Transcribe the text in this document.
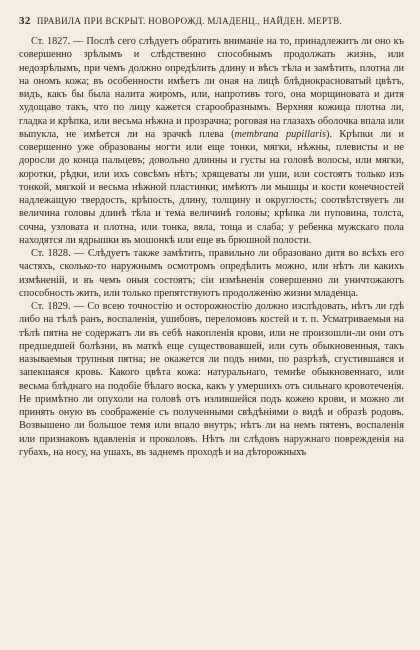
32 ПРАВИЛА ПРИ ВСКРЫТ. НОВОРОЖД. МЛАДЕНЦ., НАЙДЕН. МЕРТВ.

Ст. 1827. — Послѣ сего слѣдуетъ обратить вниманіе на то, принадлежитъ ли оно къ совершенно зрѣлымъ и слѣдственно способнымъ продолжать жизнь, или недозрѣлымъ, при чемъ должно опредѣлить длину и вѣсъ тѣла и замѣтить, плотна ли на ономъ кожа; въ особенности имѣетъ ли оная на лицѣ блѣднокрасноватый цвѣтъ, видъ, какъ бы была налита жиромъ, или, напротивъ того, она морщиновата и дитя худощаво такъ, что по лицу кажется старообразнымъ. Верхняя кожица плотна ли, гладка и крѣпка, или весьма нѣжна и прозрачна; роговая на глазахъ оболочка впала или выпукла, не имѣется ли на зрачкѣ плева (membrana pupillaris). Крѣпки ли и совершенно уже образованы ногти или еще тонки, мягки, нѣжны, плевисты и не доросли до конца пальцевъ; довольно длинны и густы на головѣ волосы, или мягки, коротки, рѣдки, или ихъ совсѣмъ нѣтъ; хрящеваты ли уши, или состоятъ только изъ тонкой, мягкой и весьма нѣжной пластинки; имѣютъ ли мышцы и кости конечностей надлежащую твердость, крѣпость, длину, толщину и округлость; соотвѣтствуетъ ли величина головы длинѣ тѣла и тема величинѣ головы; крѣпка ли пуповина, толста, сочна, узловата и плотна, или тонка, вяла, тоща и слаба; у ребенка мужскаго пола находятся ли ядрышки въ мошонкѣ или еще въ брюшной полости.

Ст. 1828. — Слѣдуетъ также замѣтить, правильно ли образовано дитя во всѣхъ его частяхъ, сколько-то наружнымъ осмотромъ опредѣлить можно, или нѣтъ ли какихъ измѣненій, и въ чемъ оныя состоятъ; сіи измѣненія совершенно ли уничтожаютъ способность жить, или только препятствуютъ продолженію жизни младенца.

Ст. 1829. — Со всею точностію и осторожностію должно изслѣдовать, нѣтъ ли гдѣ либо на тѣлѣ ранъ, воспаленія, ушибовъ, переломовъ костей и т. п. Усматриваемыя на тѣлѣ пятна не содержатъ ли въ себѣ накопленія крови, или не произошли-ли они отъ предшедшей болѣзни, въ маткѣ еще существовавшей, или суть обыкновенныя, такъ называемыя трупныя пятна; не окажется ли подъ ними, по разрѣзѣ, сгустившаяся и запекшаяся кровь. Какого цвѣта кожа: натуральнаго, темнѣе обыкновеннаго, или весьма блѣднаго на подобіе бѣлаго воска, какъ у умершихъ отъ сильнаго кровотеченія. Не примѣтно ли опухоли на головѣ отъ излившейся подъ кожею крови, и можно ли принять оную въ соображеніе съ полученными свѣдѣніями о видѣ и образѣ родовъ. Возвышено ли большое темя или впало внутрь; нѣтъ ли на немъ пятенъ, воспаленія или признаковъ вдавленія и проколовъ. Нѣтъ ли слѣдовъ наружнаго поврежденія на губахъ, на носу, на ушахъ, въ заднемъ проходѣ и на дѣторожныхъ
